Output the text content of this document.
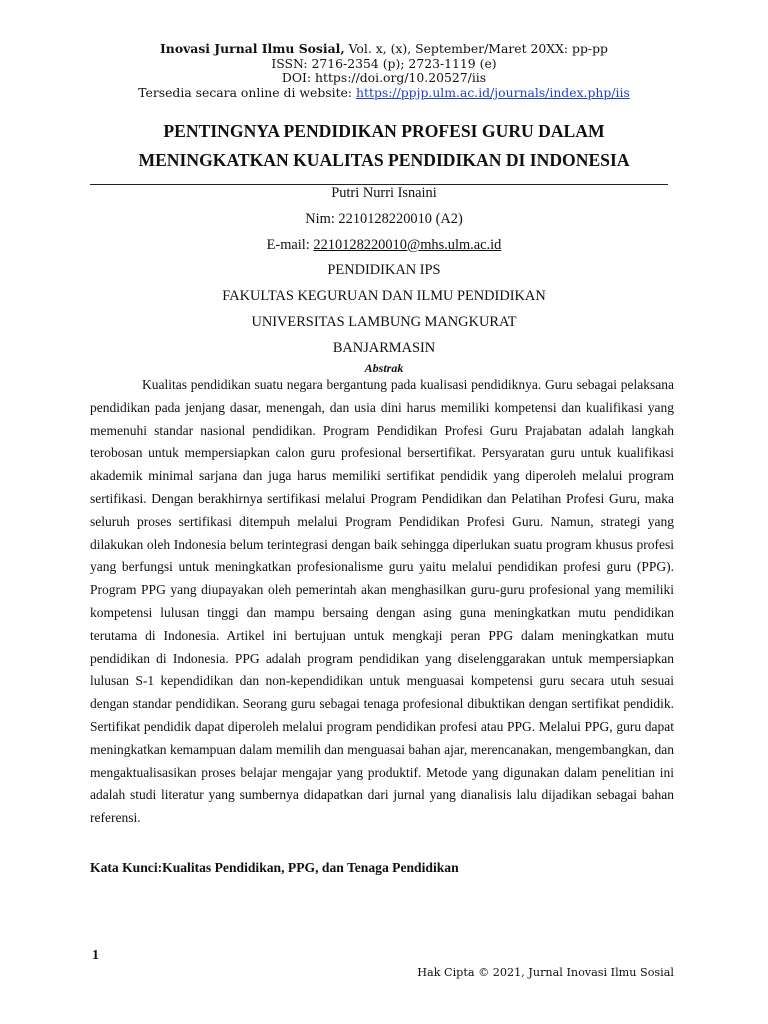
Inovasi Jurnal Ilmu Sosial, Vol. x, (x), September/Maret 20XX: pp-pp
ISSN: 2716-2354 (p); 2723-1119 (e)
DOI: https://doi.org/10.20527/iis
Tersedia secara online di website: https://ppjp.ulm.ac.id/journals/index.php/iis
PENTINGNYA PENDIDIKAN PROFESI GURU DALAM
MENINGKATKAN KUALITAS PENDIDIKAN DI INDONESIA
Putri Nurri Isnaini
Nim: 2210128220010 (A2)
E-mail: 2210128220010@mhs.ulm.ac.id
PENDIDIKAN IPS
FAKULTAS KEGURUAN DAN ILMU PENDIDIKAN
UNIVERSITAS LAMBUNG MANGKURAT
BANJARMASIN
Abstrak

Kualitas pendidikan suatu negara bergantung pada kualisasi pendidiknya. Guru sebagai pelaksana pendidikan pada jenjang dasar, menengah, dan usia dini harus memiliki kompetensi dan kualifikasi yang memenuhi standar nasional pendidikan. Program Pendidikan Profesi Guru Prajabatan adalah langkah terobosan untuk mempersiapkan calon guru profesional bersertifikat. Persyaratan guru untuk kualifikasi akademik minimal sarjana dan juga harus memiliki sertifikat pendidik yang diperoleh melalui program sertifikasi. Dengan berakhirnya sertifikasi melalui Program Pendidikan dan Pelatihan Profesi Guru, maka seluruh proses sertifikasi ditempuh melalui Program Pendidikan Profesi Guru. Namun, strategi yang dilakukan oleh Indonesia belum terintegrasi dengan baik sehingga diperlukan suatu program khusus profesi yang berfungsi untuk meningkatkan profesionalisme guru yaitu melalui pendidikan profesi guru (PPG). Program PPG yang diupayakan oleh pemerintah akan menghasilkan guru-guru profesional yang memiliki kompetensi lulusan tinggi dan mampu bersaing dengan asing guna meningkatkan mutu pendidikan terutama di Indonesia. Artikel ini bertujuan untuk mengkaji peran PPG dalam meningkatkan mutu pendidikan di Indonesia. PPG adalah program pendidikan yang diselenggarakan untuk mempersiapkan lulusan S-1 kependidikan dan non-kependidikan untuk menguasai kompetensi guru secara utuh sesuai dengan standar pendidikan. Seorang guru sebagai tenaga profesional dibuktikan dengan sertifikat pendidik. Sertifikat pendidik dapat diperoleh melalui program pendidikan profesi atau PPG. Melalui PPG, guru dapat meningkatkan kemampuan dalam memilih dan menguasai bahan ajar, merencanakan, mengembangkan, dan mengaktualisasikan proses belajar mengajar yang produktif. Metode yang digunakan dalam penelitian ini adalah studi literatur yang sumbernya didapatkan dari jurnal yang dianalisis lalu dijadikan sebagai bahan referensi.

Kata Kunci:Kualitas Pendidikan, PPG, dan Tenaga Pendidikan
1
Hak Cipta © 2021, Jurnal Inovasi Ilmu Sosial
